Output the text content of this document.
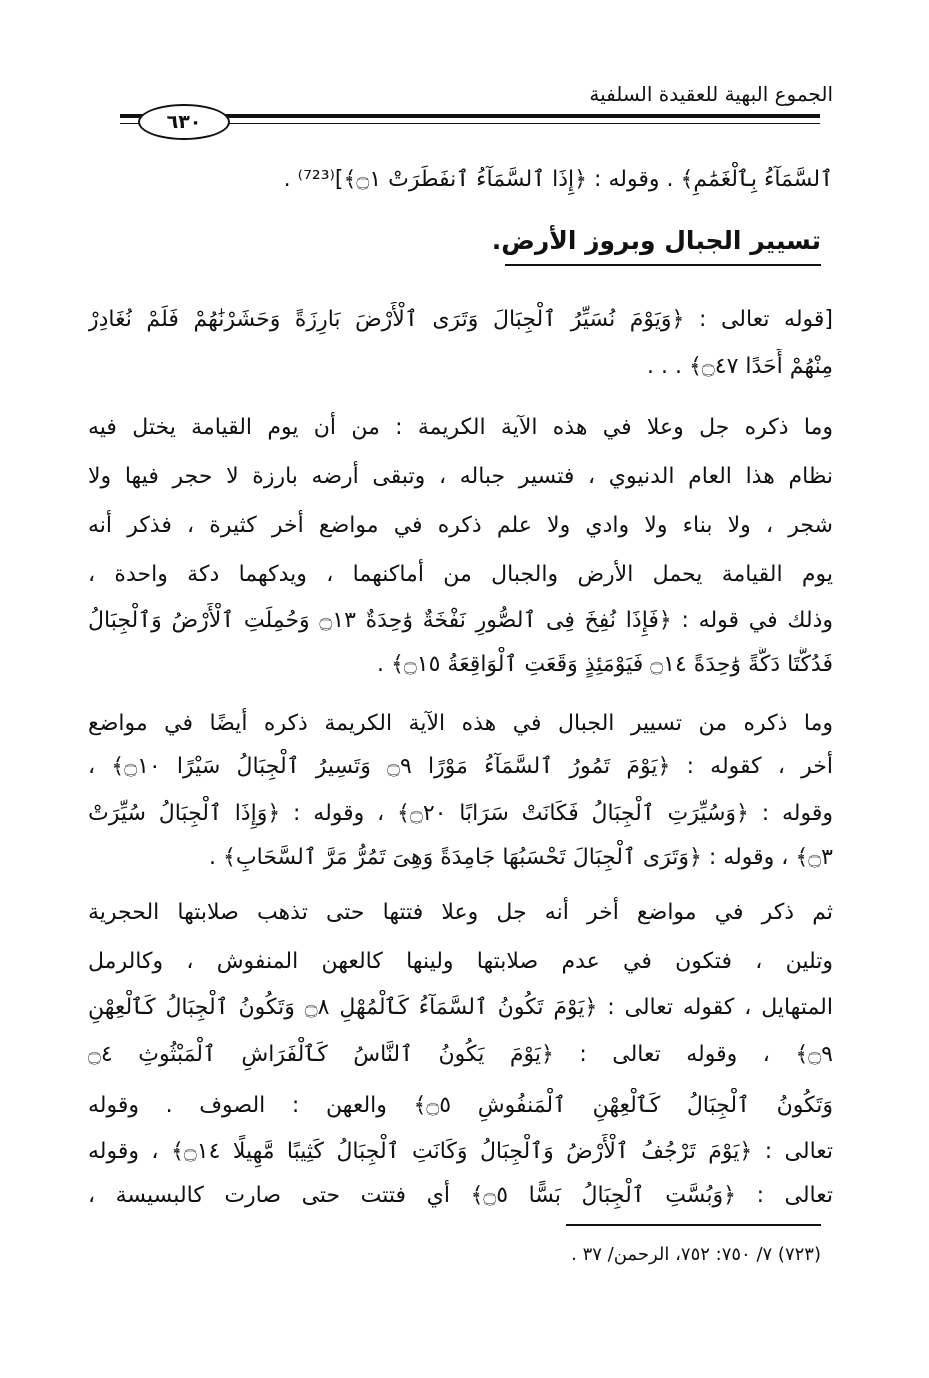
الجموع البهية للعقيدة السلفية
٦٣٠
ٱلسَّمَآءُ بِٱلْغَمَٰمِ﴾ . وقوله : ﴿إِذَا ٱلسَّمَآءُ ٱنفَطَرَتْ ۝١﴾]⁽⁷²³⁾ .
تسيير الجبال وبروز الأرض.
[قوله تعالى : ﴿وَيَوْمَ نُسَيِّرُ ٱلْجِبَالَ وَتَرَى ٱلْأَرْضَ بَارِزَةً وَحَشَرْنَٰهُمْ فَلَمْ نُغَادِرْ
مِنْهُمْ أَحَدًا ۝٤٧﴾ . . .
وما ذكره جل وعلا في هذه الآية الكريمة : من أن يوم القيامة يختل فيه
نظام هذا العام الدنيوي ، فتسير جباله ، وتبقى أرضه بارزة لا حجر فيها ولا
شجر ، ولا بناء ولا وادي ولا علم ذكره في مواضع أخر كثيرة ، فذكر أنه
يوم القيامة يحمل الأرض والجبال من أماكنهما ، ويدكهما دكة واحدة ،
وذلك في قوله : ﴿فَإِذَا نُفِخَ فِى ٱلصُّورِ نَفْخَةٌ وَٰحِدَةٌ ۝١٣ وَحُمِلَتِ ٱلْأَرْضُ وَٱلْجِبَالُ
فَدُكَّتَا دَكَّةً وَٰحِدَةً ۝١٤ فَيَوْمَئِذٍ وَقَعَتِ ٱلْوَاقِعَةُ ۝١٥﴾ .
وما ذكره من تسيير الجبال في هذه الآية الكريمة ذكره أيضًا في مواضع
أخر ، كقوله : ﴿يَوْمَ تَمُورُ ٱلسَّمَآءُ مَوْرًا ۝٩ وَتَسِيرُ ٱلْجِبَالُ سَيْرًا ۝١٠﴾ ،
وقوله : ﴿وَسُيِّرَتِ ٱلْجِبَالُ فَكَانَتْ سَرَابًا ۝٢٠﴾ ، وقوله : ﴿وَإِذَا ٱلْجِبَالُ سُيِّرَتْ
۝٣﴾ ، وقوله : ﴿وَتَرَى ٱلْجِبَالَ تَحْسَبُهَا جَامِدَةً وَهِىَ تَمُرُّ مَرَّ ٱلسَّحَابِ﴾ .
ثم ذكر في مواضع أخر أنه جل وعلا فتتها حتى تذهب صلابتها الحجرية
وتلين ، فتكون في عدم صلابتها ولينها كالعهن المنفوش ، وكالرمل
المتهايل ، كقوله تعالى : ﴿يَوْمَ تَكُونُ ٱلسَّمَآءُ كَٱلْمُهْلِ ۝٨ وَتَكُونُ ٱلْجِبَالُ كَٱلْعِهْنِ
۝٩﴾ ، وقوله تعالى : ﴿يَوْمَ يَكُونُ ٱلنَّاسُ كَٱلْفَرَاشِ ٱلْمَبْثُوثِ ۝٤
وَتَكُونُ ٱلْجِبَالُ كَٱلْعِهْنِ ٱلْمَنفُوشِ ۝٥﴾ والعهن : الصوف . وقوله
تعالى : ﴿يَوْمَ تَرْجُفُ ٱلْأَرْضُ وَٱلْجِبَالُ وَكَانَتِ ٱلْجِبَالُ كَثِيبًا مَّهِيلًا ۝١٤﴾ ، وقوله
تعالى : ﴿وَبُسَّتِ ٱلْجِبَالُ بَسًّا ۝٥﴾ أي فتتت حتى صارت كالبسيسة ،
(٧٢٣) ٧/ ٧٥٠: ٧٥٢، الرحمن/ ٣٧ .
